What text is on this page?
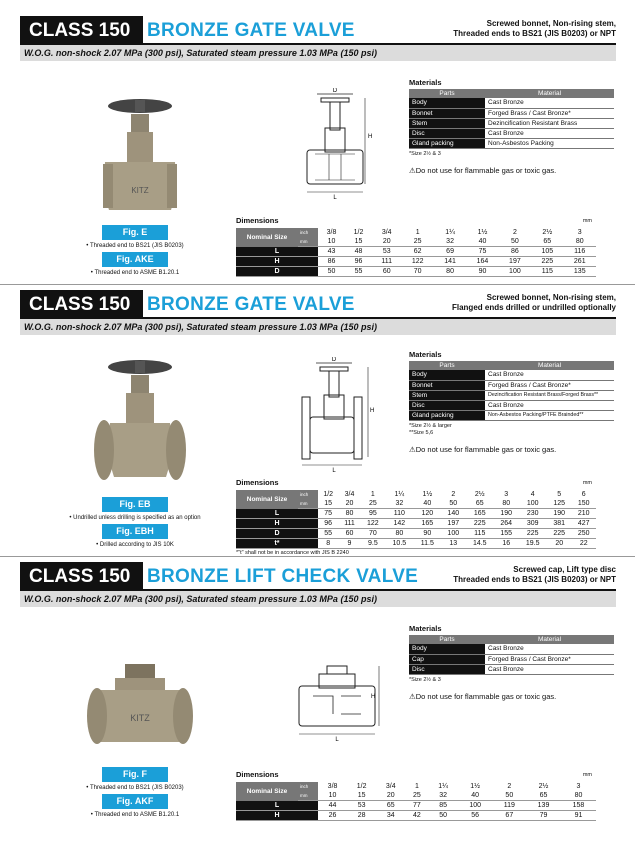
CLASS 150 BRONZE GATE VALVE	Screwed bonnet, Non-rising stem,
Threaded ends to BS21 (JIS B0203) or NPT
W.O.G. non-shock 2.07 MPa (300 psi), Saturated steam pressure 1.03 MPa (150 psi)
KITZ
Fig. E
• Threaded end to BS21 (JIS B0203)
Fig. AKE
• Threaded end to ASME B1.20.1
D
H
L
Materials
Parts	Material
Body	Cast Bronze
Bonnet	Forged Brass / Cast Bronze*
Stem	Dezincification Resistant Brass
Disc	Cast Bronze
Gland packing	Non-Asbestos Packing
*Size 2½ & 3
⚠Do not use for flammable gas or toxic gas.
Dimensions	mm
Nominal Size	inch	3/8	1/2	3/4	1	1¼	1½	2	2½	3
	mm	10	15	20	25	32	40	50	65	80
L		43	48	53	62	69	75	86	105	116
H		86	96	111	122	141	164	197	225	261
D		50	55	60	70	80	90	100	115	135
CLASS 150 BRONZE GATE VALVE	Screwed bonnet, Non-rising stem,
Flanged ends drilled or undrilled optionally
W.O.G. non-shock 2.07 MPa (300 psi), Saturated steam pressure 1.03 MPa (150 psi)
Fig. EB
• Undrilled unless drilling is specified as an option
Fig. EBH
• Drilled according to JIS 10K
D
H
L
Materials
Parts	Material
Body	Cast Bronze
Bonnet	Forged Brass / Cast Bronze*
Stem	Dezincification Resistant Brass/Forged Brass**
Disc	Cast Bronze
Gland packing	Non-Asbestos Packing/PTFE Brainded**
*Size 2½ & larger
**Size 5,6
⚠Do not use for flammable gas or toxic gas.
Dimensions	mm
Nominal Size	inch	1/2	3/4	1	1¼	1½	2	2½	3	4	5	6
	mm	15	20	25	32	40	50	65	80	100	125	150
L		75	80	95	110	120	140	165	190	230	190	210
H		96	111	122	142	165	197	225	264	309	381	427
D		55	60	70	80	90	100	115	155	225	225	250
t*		8	9	9.5	10.5	11.5	13	14.5	16	19.5	20	22
*"t" shall not be in accordance with JIS B 2240
CLASS 150 BRONZE LIFT CHECK VALVE	Screwed cap, Lift type disc
Threaded ends to BS21 (JIS B0203) or NPT
W.O.G. non-shock 2.07 MPa (300 psi), Saturated steam pressure 1.03 MPa (150 psi)
KITZ
Fig. F
• Threaded end to BS21 (JIS B0203)
Fig. AKF
• Threaded end to ASME B1.20.1
H
L
Materials
Parts	Material
Body	Cast Bronze
Cap	Forged Brass / Cast Bronze*
Disc	Cast Bronze
*Size 2½ & 3
⚠Do not use for flammable gas or toxic gas.
Dimensions	mm
Nominal Size	inch	3/8	1/2	3/4	1	1¼	1½	2	2½	3
	mm	10	15	20	25	32	40	50	65	80
L		44	53	65	77	85	100	119	139	158
H		26	28	34	42	50	56	67	79	91
